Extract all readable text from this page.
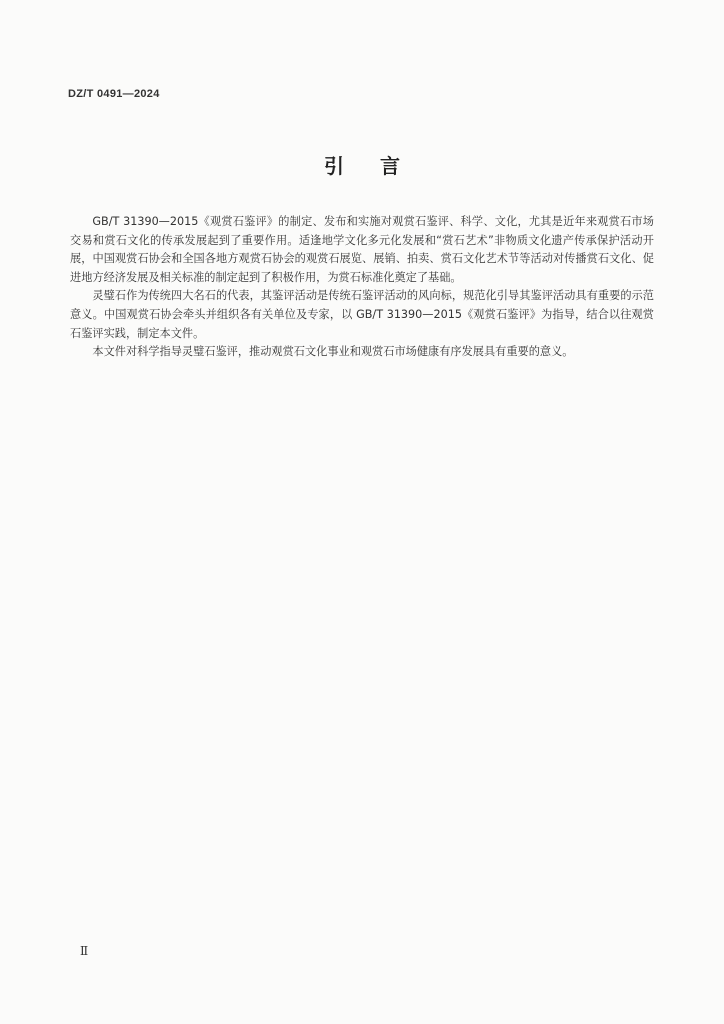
DZ/T 0491—2024
引言

GB/T 31390—2015《观赏石鉴评》的制定、发布和实施对观赏石鉴评、科学、文化，尤其是近年来观赏石市场交易和赏石文化的传承发展起到了重要作用。适逢地学文化多元化发展和“赏石艺术”非物质文化遗产传承保护活动开展，中国观赏石协会和全国各地方观赏石协会的观赏石展览、展销、拍卖、赏石文化艺术节等活动对传播赏石文化、促进地方经济发展及相关标准的制定起到了积极作用，为赏石标准化奠定了基础。

灵璧石作为传统四大名石的代表，其鉴评活动是传统石鉴评活动的风向标，规范化引导其鉴评活动具有重要的示范意义。中国观赏石协会牵头并组织各有关单位及专家，以 GB/T 31390—2015《观赏石鉴评》为指导，结合以往观赏石鉴评实践，制定本文件。

本文件对科学指导灵璧石鉴评，推动观赏石文化事业和观赏石市场健康有序发展具有重要的意义。

Ⅱ
